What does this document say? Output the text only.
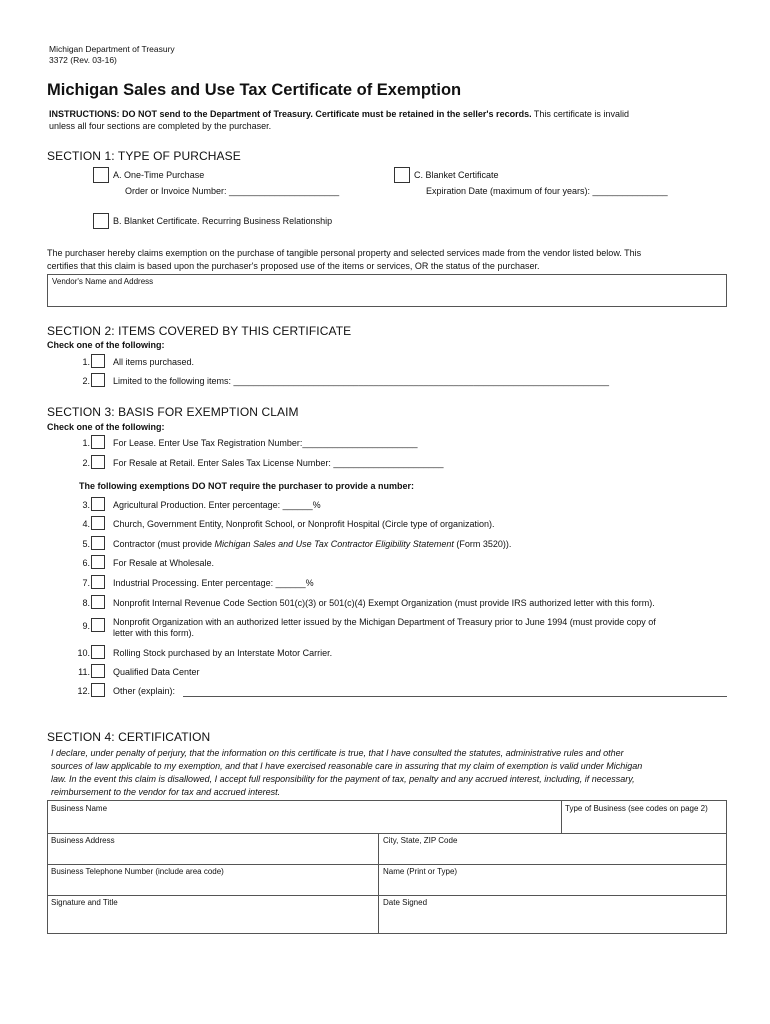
Michigan Department of Treasury
3372 (Rev. 03-16)
Michigan Sales and Use Tax Certificate of Exemption
INSTRUCTIONS: DO NOT send to the Department of Treasury. Certificate must be retained in the seller's records. This certificate is invalid
unless all four sections are completed by the purchaser.
SECTION 1: TYPE OF PURCHASE
A. One-Time Purchase
Order or Invoice Number: ______________________
C. Blanket Certificate
Expiration Date (maximum of four years): _______________
B. Blanket Certificate. Recurring Business Relationship
The purchaser hereby claims exemption on the purchase of tangible personal property and selected services made from the vendor listed below. This
certifies that this claim is based upon the purchaser's proposed use of the items or services, OR the status of the purchaser.
Vendor's Name and Address
SECTION 2: ITEMS COVERED BY THIS CERTIFICATE
Check one of the following:
1.	All items purchased.
2.	Limited to the following items: ___________________________________________________________________________
SECTION 3: BASIS FOR EXEMPTION CLAIM
Check one of the following:
1.	For Lease. Enter Use Tax Registration Number:_______________________
2.	For Resale at Retail. Enter Sales Tax License Number: ______________________
The following exemptions DO NOT require the purchaser to provide a number:
3.	Agricultural Production. Enter percentage: ______%
4.	Church, Government Entity, Nonprofit School, or Nonprofit Hospital (Circle type of organization).
5.	Contractor (must provide Michigan Sales and Use Tax Contractor Eligibility Statement (Form 3520)).
6.	For Resale at Wholesale.
7.	Industrial Processing. Enter percentage: ______%
8.	Nonprofit Internal Revenue Code Section 501(c)(3) or 501(c)(4) Exempt Organization (must provide IRS authorized letter with this form).
9.	Nonprofit Organization with an authorized letter issued by the Michigan Department of Treasury prior to June 1994 (must provide copy of
letter with this form).
10.	Rolling Stock purchased by an Interstate Motor Carrier.
11.	Qualified Data Center
12.	Other (explain):
SECTION 4: CERTIFICATION
I declare, under penalty of perjury, that the information on this certificate is true, that I have consulted the statutes, administrative rules and other
sources of law applicable to my exemption, and that I have exercised reasonable care in assuring that my claim of exemption is valid under Michigan
law. In the event this claim is disallowed, I accept full responsibility for the payment of tax, penalty and any accrued interest, including, if necessary,
reimbursement to the vendor for tax and accrued interest.
Business Name	Type of Business (see codes on page 2)
Business Address	City, State, ZIP Code
Business Telephone Number (include area code)	Name (Print or Type)
Signature and Title	Date Signed
